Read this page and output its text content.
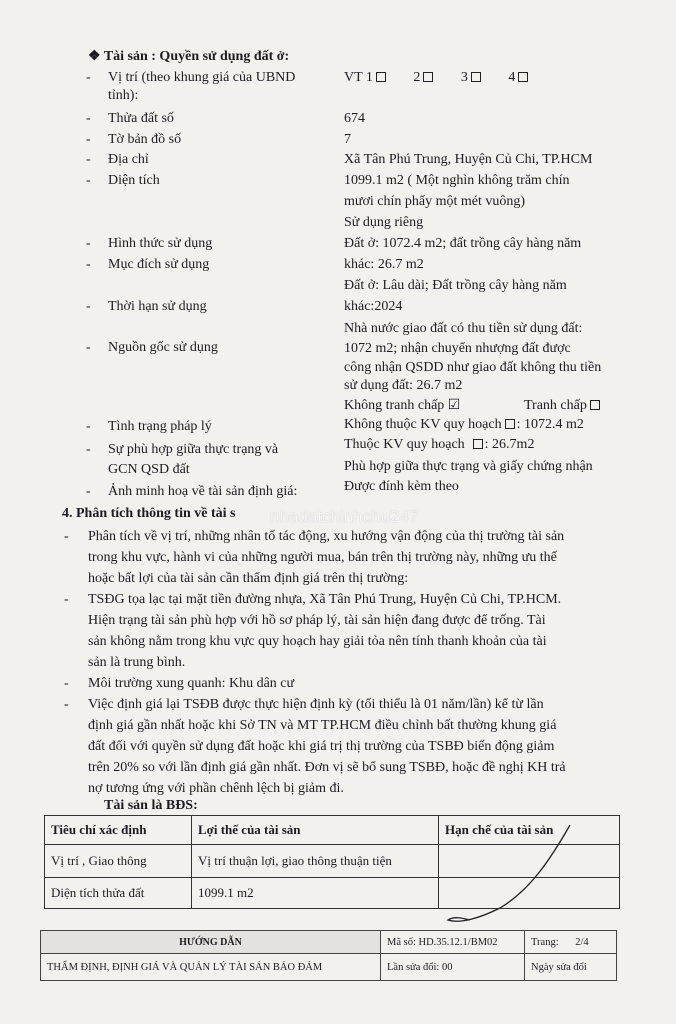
❖ Tài sản : Quyền sử dụng đất ở:
- Vị trí (theo khung giá của UBND
tỉnh):
VT 1	2	3	4
- Thửa đất số	674
- Tờ bản đồ số	7
- Địa chỉ	Xã Tân Phú Trung, Huyện Củ Chi, TP.HCM
- Diện tích	1099.1 m2 ( Một nghìn không trăm chín
mươi chín phẩy một mét vuông)
Sử dụng riêng
- Hình thức sử dụng	Đất ở: 1072.4 m2; đất trồng cây hàng năm
- Mục đích sử dụng	khác: 26.7 m2
Đất ở: Lâu dài; Đất trồng cây hàng năm
- Thời hạn sử dụng	khác:2024
Nhà nước giao đất có thu tiền sử dụng đất:
- Nguồn gốc sử dụng	1072 m2; nhận chuyển nhượng đất được
công nhận QSDD như giao đất không thu tiền
sử dụng đất: 26.7 m2
Không tranh chấp ☑	Tranh chấp
- Tình trạng pháp lý	Không thuộc KV quy hoạch : 1072.4 m2
- Sự phù hợp giữa thực trạng và	Thuộc KV quy hoạch : 26.7m2
GCN QSD đất	Phù hợp giữa thực trạng và giấy chứng nhận
- Ảnh minh hoạ về tài sản định giá:	Được đính kèm theo
4. Phân tích thông tin về tài s nhadatchinhchu247
- Phân tích về vị trí, những nhân tố tác động, xu hướng vận động của thị trường tài sản
trong khu vực, hành vi của những người mua, bán trên thị trường này, những ưu thế
hoặc bất lợi của tài sản cần thẩm định giá trên thị trường:
- TSĐG tọa lạc tại mặt tiền đường nhựa, Xã Tân Phú Trung, Huyện Củ Chi, TP.HCM.
Hiện trạng tài sản phù hợp với hồ sơ pháp lý, tài sản hiện đang được để trống. Tài
sản không nằm trong khu vực quy hoạch hay giải tỏa nên tính thanh khoản của tài
sản là trung bình.
- Môi trường xung quanh: Khu dân cư
- Việc định giá lại TSĐB được thực hiện định kỳ (tối thiểu là 01 năm/lần) kể từ lần
định giá gần nhất hoặc khi Sở TN và MT TP.HCM điều chỉnh bất thường khung giá
đất đối với quyền sử dụng đất hoặc khi giá trị thị trường của TSBĐ biến động giảm
trên 20% so với lần định giá gần nhất. Đơn vị sẽ bổ sung TSBĐ, hoặc đề nghị KH trả
nợ tương ứng với phần chênh lệch bị giảm đi.
Tài sản là BĐS:
Tiêu chí xác định	Lợi thế của tài sản	Hạn chế của tài sản
Vị trí , Giao thông	Vị trí thuận lợi, giao thông thuận tiện	
Diện tích thửa đất	1099.1 m2	
HƯỚNG DẪN	Mã số: HD.35.12.1/BM02	Trang: 2/4
THẨM ĐỊNH, ĐỊNH GIÁ VÀ QUẢN LÝ TÀI SẢN BẢO ĐẢM	Lần sửa đổi: 00	Ngày sửa đổi
